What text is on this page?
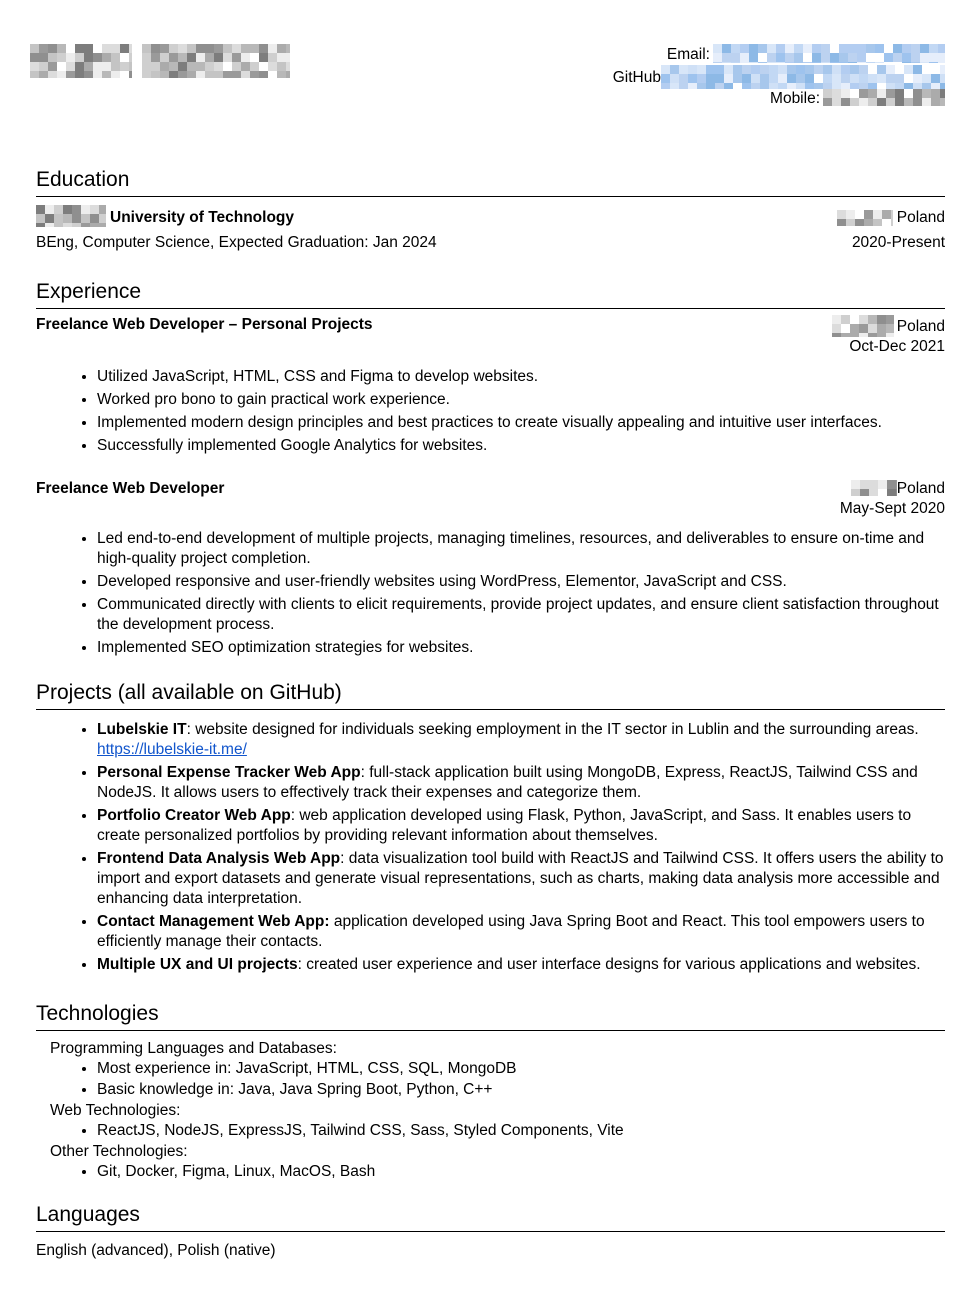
Email:
GitHub
Mobile:
Education
University of Technology	Poland
BEng, Computer Science, Expected Graduation: Jan 2024	2020-Present
Experience
Freelance Web Developer – Personal Projects	Poland
Oct-Dec 2021
• Utilized JavaScript, HTML, CSS and Figma to develop websites.
• Worked pro bono to gain practical work experience.
• Implemented modern design principles and best practices to create visually appealing and intuitive user interfaces.
• Successfully implemented Google Analytics for websites.
Freelance Web Developer	Poland
May-Sept 2020
• Led end-to-end development of multiple projects, managing timelines, resources, and deliverables to ensure on-time and high-quality project completion.
• Developed responsive and user-friendly websites using WordPress, Elementor, JavaScript and CSS.
• Communicated directly with clients to elicit requirements, provide project updates, and ensure client satisfaction throughout the development process.
• Implemented SEO optimization strategies for websites.
Projects (all available on GitHub)
• Lubelskie IT: website designed for individuals seeking employment in the IT sector in Lublin and the surrounding areas. https://lubelskie-it.me/
• Personal Expense Tracker Web App: full-stack application built using MongoDB, Express, ReactJS, Tailwind CSS and NodeJS. It allows users to effectively track their expenses and categorize them.
• Portfolio Creator Web App: web application developed using Flask, Python, JavaScript, and Sass. It enables users to create personalized portfolios by providing relevant information about themselves.
• Frontend Data Analysis Web App: data visualization tool build with ReactJS and Tailwind CSS. It offers users the ability to import and export datasets and generate visual representations, such as charts, making data analysis more accessible and enhancing data interpretation.
• Contact Management Web App: application developed using Java Spring Boot and React. This tool empowers users to efficiently manage their contacts.
• Multiple UX and UI projects: created user experience and user interface designs for various applications and websites.
Technologies
Programming Languages and Databases:
• Most experience in: JavaScript, HTML, CSS, SQL, MongoDB
• Basic knowledge in: Java, Java Spring Boot, Python, C++
Web Technologies:
• ReactJS, NodeJS, ExpressJS, Tailwind CSS, Sass, Styled Components, Vite
Other Technologies:
• Git, Docker, Figma, Linux, MacOS, Bash
Languages
English (advanced), Polish (native)
